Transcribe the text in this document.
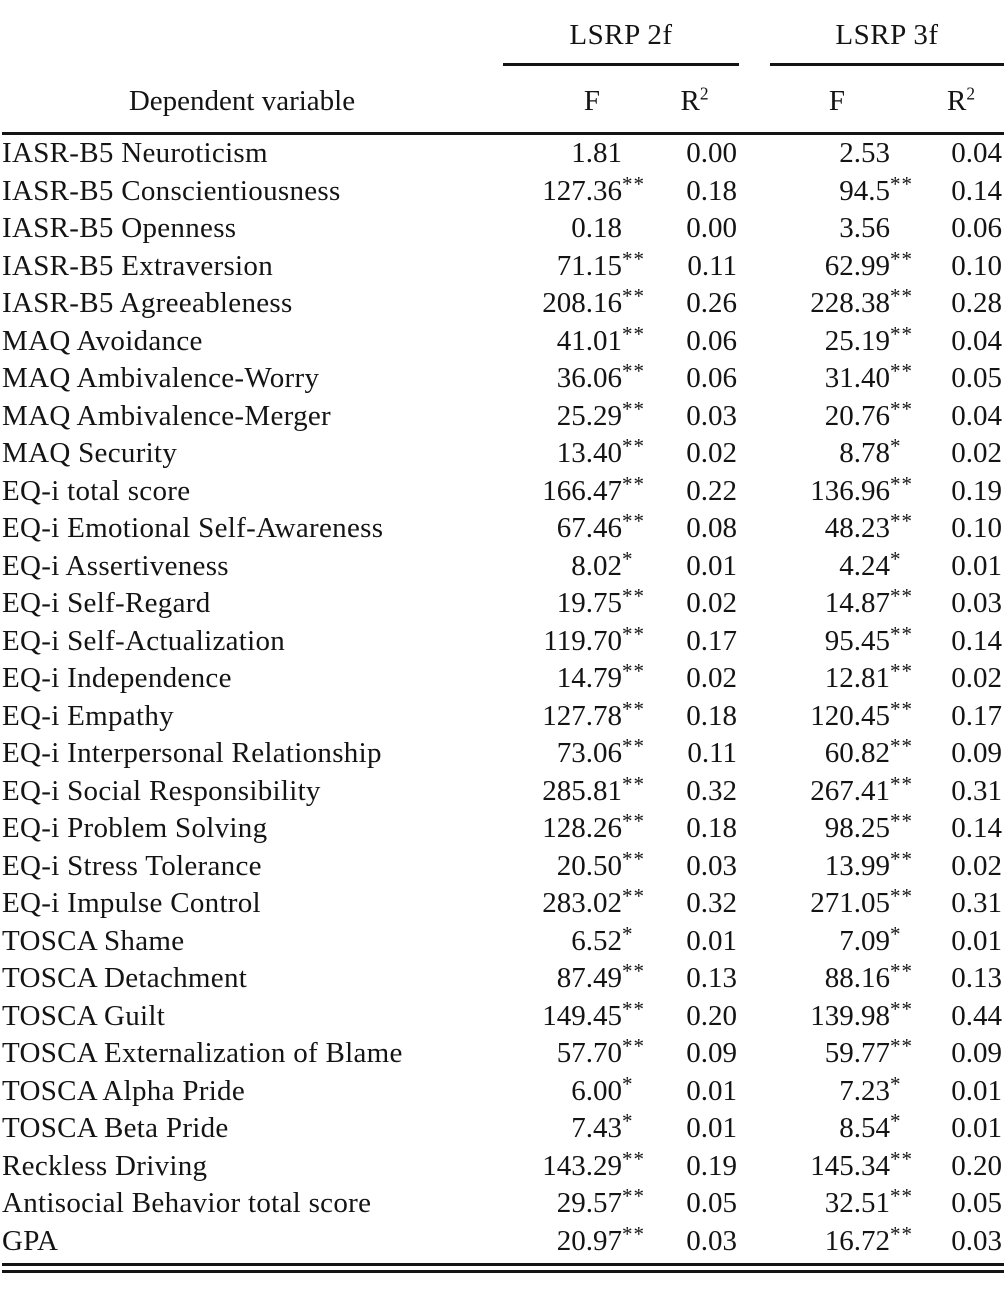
LSRP 2f	LSRP 3f
Dependent variable	F	$R^2$	F	$R^2$
IASR-B5 Neuroticism	1.81	0.00	2.53	0.04
IASR-B5 Conscientiousness	127.36 **	0.18	94.5 **	0.14
IASR-B5 Openness	0.18	0.00	3.56	0.06
IASR-B5 Extraversion	71.15 **	0.11	62.99 **	0.10
IASR-B5 Agreeableness	208.16 **	0.26	228.38 **	0.28
MAQ Avoidance	41.01 **	0.06	25.19 **	0.04
MAQ Ambivalence-Worry	36.06 **	0.06	31.40 **	0.05
MAQ Ambivalence-Merger	25.29 **	0.03	20.76 **	0.04
MAQ Security	13.40 **	0.02	8.78 *	0.02
EQ-i total score	166.47 **	0.22	136.96 **	0.19
EQ-i Emotional Self-Awareness	67.46 **	0.08	48.23 **	0.10
EQ-i Assertiveness	8.02 *	0.01	4.24 *	0.01
EQ-i Self-Regard	19.75 **	0.02	14.87 **	0.03
EQ-i Self-Actualization	119.70 **	0.17	95.45 **	0.14
EQ-i Independence	14.79 **	0.02	12.81 **	0.02
EQ-i Empathy	127.78 **	0.18	120.45 **	0.17
EQ-i Interpersonal Relationship	73.06 **	0.11	60.82 **	0.09
EQ-i Social Responsibility	285.81 **	0.32	267.41 **	0.31
EQ-i Problem Solving	128.26 **	0.18	98.25 **	0.14
EQ-i Stress Tolerance	20.50 **	0.03	13.99 **	0.02
EQ-i Impulse Control	283.02 **	0.32	271.05 **	0.31
TOSCA Shame	6.52 *	0.01	7.09 *	0.01
TOSCA Detachment	87.49 **	0.13	88.16 **	0.13
TOSCA Guilt	149.45 **	0.20	139.98 **	0.44
TOSCA Externalization of Blame	57.70 **	0.09	59.77 **	0.09
TOSCA Alpha Pride	6.00 *	0.01	7.23 *	0.01
TOSCA Beta Pride	7.43 *	0.01	8.54 *	0.01
Reckless Driving	143.29 **	0.19	145.34 **	0.20
Antisocial Behavior total score	29.57 **	0.05	32.51 **	0.05
GPA	20.97 **	0.03	16.72 **	0.03
